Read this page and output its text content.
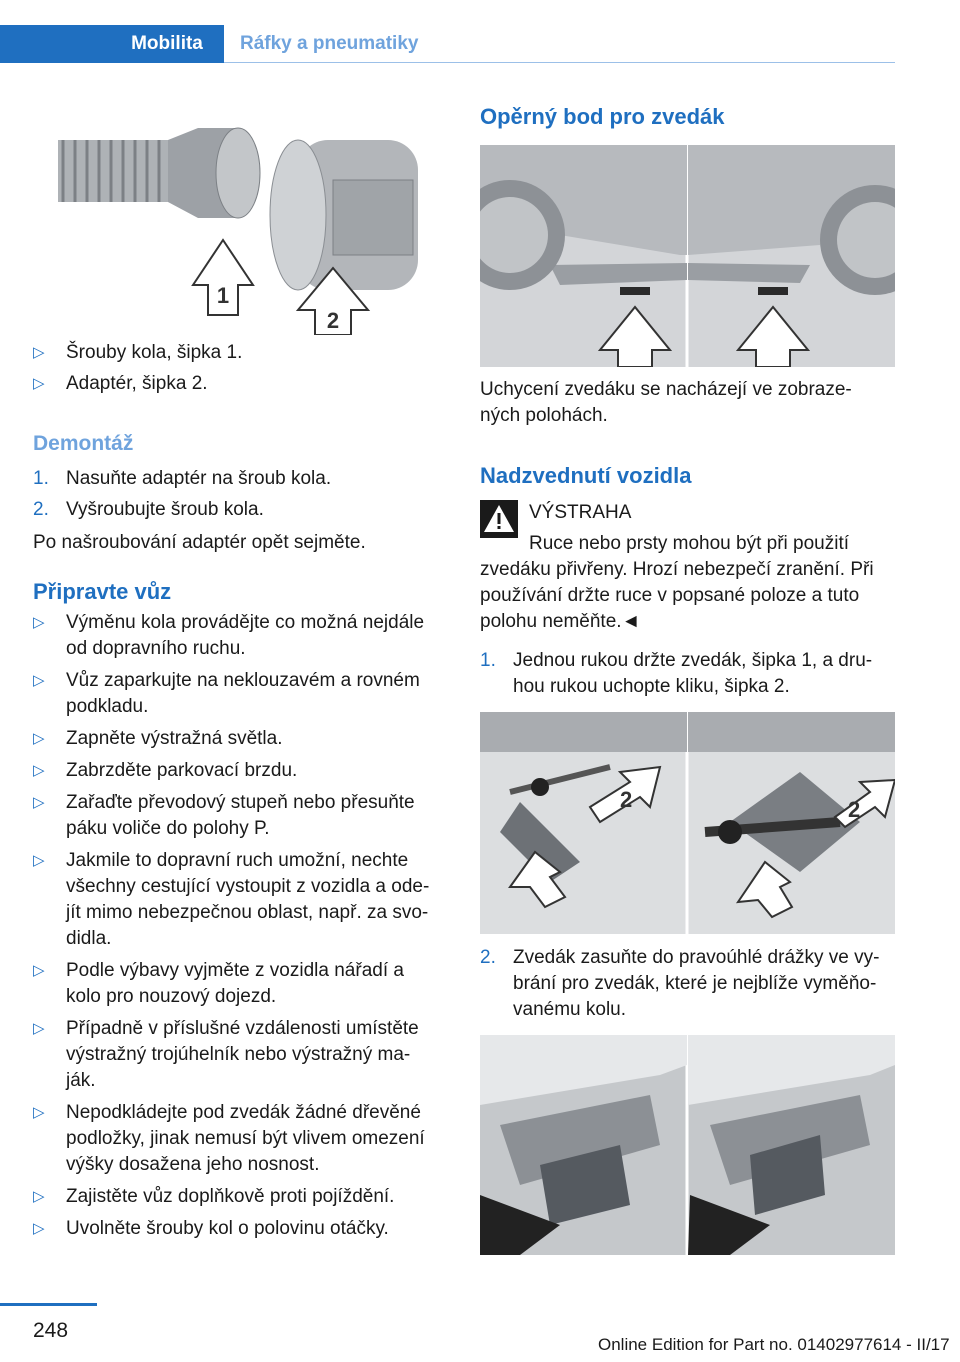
Mobilita	Ráfky a pneumatiky
1
2
▷ Šrouby kola, šipka 1.
▷ Adaptér, šipka 2.
Demontáž
1. Nasuňte adaptér na šroub kola.
2. Vyšroubujte šroub kola.
Po našroubování adaptér opět sejměte.
Připravte vůz
▷ Výměnu kola provádějte co možná nejdále
od dopravního ruchu.
▷ Vůz zaparkujte na neklouzavém a rovném
podkladu.
▷ Zapněte výstražná světla.
▷ Zabrzděte parkovací brzdu.
▷ Zařaďte převodový stupeň nebo přesuňte
páku voliče do polohy P.
▷ Jakmile to dopravní ruch umožní, nechte
všechny cestující vystoupit z vozidla a ode-
jít mimo nebezpečnou oblast, např. za svo-
didla.
▷ Podle výbavy vyjměte z vozidla nářadí a
kolo pro nouzový dojezd.
▷ Případně v příslušné vzdálenosti umístěte
výstražný trojúhelník nebo výstražný ma-
ják.
▷ Nepodkládejte pod zvedák žádné dřevěné
podložky, jinak nemusí být vlivem omezení
výšky dosažena jeho nosnost.
▷ Zajistěte vůz doplňkově proti pojíždění.
▷ Uvolněte šrouby kol o polovinu otáčky.
Opěrný bod pro zvedák
Uchycení zvedáku se nacházejí ve zobraze-
ných polohách.
Nadzvednutí vozidla
VÝSTRAHA
Ruce nebo prsty mohou být při použití
zvedáku přivřeny. Hrozí nebezpečí zranění. Při
používání držte ruce v popsané poloze a tuto
polohu neměňte.◄
1. Jednou rukou držte zvedák, šipka 1, a dru-
hou rukou uchopte kliku, šipka 2.
2	2
2. Zvedák zasuňte do pravoúhlé drážky ve vy-
brání pro zvedák, které je nejblíže vyměňo-
vanému kolu.
248
Online Edition for Part no. 01402977614 - II/17
